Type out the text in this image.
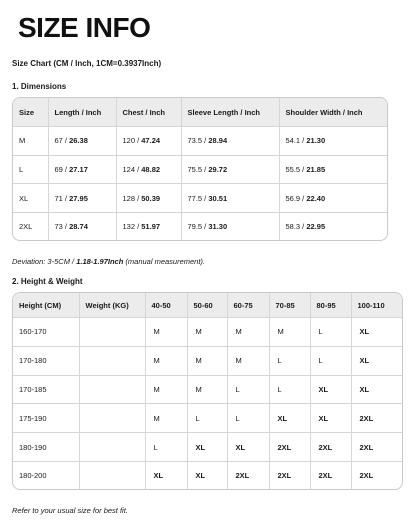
SIZE INFO
Size Chart (CM / Inch, 1CM=0.3937Inch)
1. Dimensions
Size	Length / Inch	Chest / Inch	Sleeve Length / Inch	Shoulder Width / Inch
M	67 / 26.38	120 / 47.24	73.5 / 28.94	54.1 / 21.30
L	69 / 27.17	124 / 48.82	75.5 / 29.72	55.5 / 21.85
XL	71 / 27.95	128 / 50.39	77.5 / 30.51	56.9 / 22.40
2XL	73 / 28.74	132 / 51.97	79.5 / 31.30	58.3 / 22.95
Deviation: 3-5CM / 1.18-1.97Inch (manual measurement).
2. Height & Weight
Height (CM)	Weight (KG)	40-50	50-60	60-75	70-85	80-95	100-110
160-170		M	M	M	M	L	XL
170-180		M	M	M	L	L	XL
170-185		M	M	L	L	XL	XL
175-190		M	L	L	XL	XL	2XL
180-190		L	XL	XL	2XL	2XL	2XL
180-200		XL	XL	2XL	2XL	2XL	2XL
Refer to your usual size for best fit.
